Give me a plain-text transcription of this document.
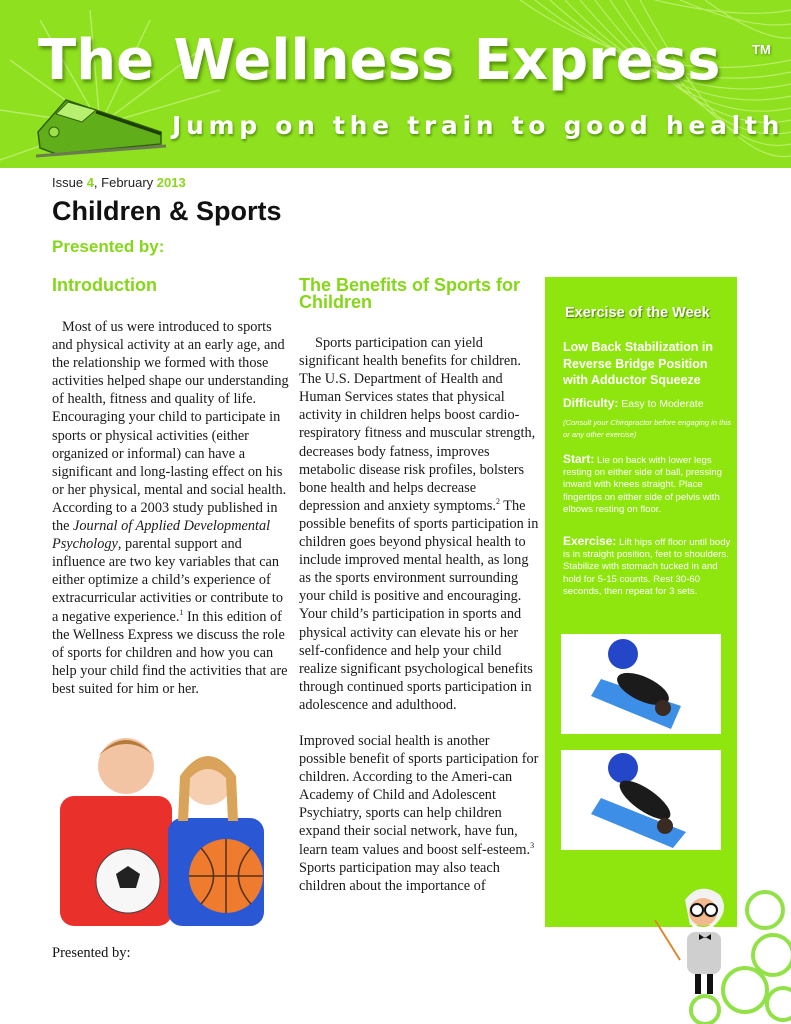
The Wellness Express TM
Jump on the train to good health
Issue 4, February 2013
Children & Sports
Presented by:
Introduction

Most of us were introduced to sports and physical activity at an early age, and the relationship we formed with those activities helped shape our understanding of health, fitness and quality of life. Encouraging your child to participate in sports or physical activities (either organized or informal) can have a significant and long-lasting effect on his or her physical, mental and social health. According to a 2003 study published in the Journal of Applied Developmental Psychology, parental support and influence are two key variables that can either optimize a child’s experience of extracurricular activities or contribute to a negative experience.$^1$ In this edition of the Wellness Express we discuss the role of sports for children and how you can help your child find the activities that are best suited for him or her.

Presented by:
The Benefits of Sports for Children

Sports participation can yield significant health benefits for children. The U.S. Department of Health and Human Services states that physical activity in children helps boost cardio-respiratory fitness and muscular strength, decreases body fatness, improves metabolic disease risk profiles, bolsters bone health and helps decrease depression and anxiety symptoms.$^2$ The possible benefits of sports participation in children goes beyond physical health to include improved mental health, as long as the sports environment surrounding your child is positive and encouraging. Your child’s participation in sports and physical activity can elevate his or her self-confidence and help your child realize significant psychological benefits through continued sports participation in adolescence and adulthood.

Improved social health is another possible benefit of sports participation for children. According to the Ameri-can Academy of Child and Adolescent Psychiatry, sports can help children expand their social network, have fun, learn team values and boost self-esteem.$^3$ Sports participation may also teach children about the importance of

Exercise of the Week
Low Back Stabilization in Reverse Bridge Position with Adductor Squeeze
Difficulty: Easy to Moderate
(Consult your Chiropractor before engaging in this or any other exercise)
Start: Lie on back with lower legs resting on either side of ball, pressing inward with knees straight. Place fingertips on either side of pelvis with elbows resting on floor.
Exercise: Lift hips off floor until body is in straight position, feet to shoulders. Stabilize with stomach tucked in and hold for 5-15 counts. Rest 30-60 seconds, then repeat for 3 sets.
